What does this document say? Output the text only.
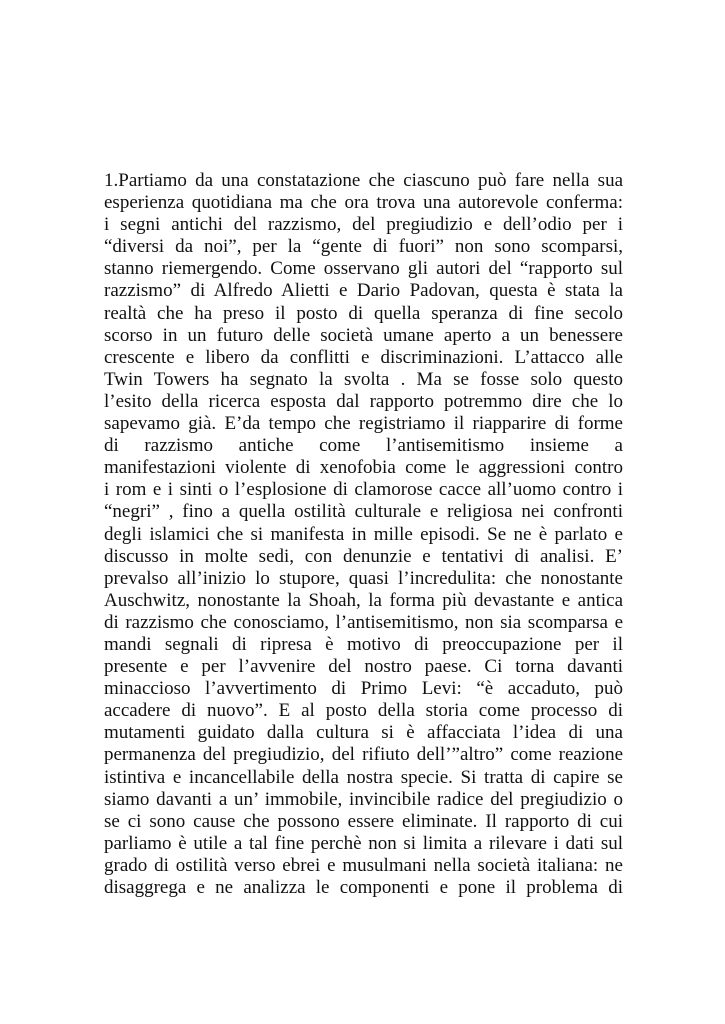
1.Partiamo da una constatazione che ciascuno può fare nella sua
esperienza quotidiana ma che ora trova una autorevole conferma:
i segni antichi del razzismo, del pregiudizio e dell’odio per i
“diversi da noi”, per la “gente di fuori” non sono scomparsi,
stanno riemergendo. Come osservano gli autori del “rapporto sul
razzismo” di Alfredo Alietti e Dario Padovan, questa è stata la
realtà che ha preso il posto di quella speranza di fine secolo
scorso in un futuro delle società umane aperto a un benessere
crescente e libero da conflitti e discriminazioni. L’attacco alle
Twin Towers ha segnato la svolta . Ma se fosse solo questo
l’esito della ricerca esposta dal rapporto potremmo dire che lo
sapevamo già. E’da tempo che registriamo il riapparire di forme
di razzismo antiche come l’antisemitismo insieme a
manifestazioni violente di xenofobia come le aggressioni contro
i rom e i sinti o l’esplosione di clamorose cacce all’uomo contro i
“negri” , fino a quella ostilità culturale e religiosa nei confronti
degli islamici che si manifesta in mille episodi. Se ne è parlato e
discusso in molte sedi, con denunzie e tentativi di analisi. E’
prevalso all’inizio lo stupore, quasi l’incredulita: che nonostante
Auschwitz, nonostante la Shoah, la forma più devastante e antica
di razzismo che conosciamo, l’antisemitismo, non sia scomparsa e
mandi segnali di ripresa è motivo di preoccupazione per il
presente e per l’avvenire del nostro paese. Ci torna davanti
minaccioso l’avvertimento di Primo Levi: “è accaduto, può
accadere di nuovo”. E al posto della storia come processo di
mutamenti guidato dalla cultura si è affacciata l’idea di una
permanenza del pregiudizio, del rifiuto dell’”altro” come reazione
istintiva e incancellabile della nostra specie. Si tratta di capire se
siamo davanti a un’ immobile, invincibile radice del pregiudizio o
se ci sono cause che possono essere eliminate. Il rapporto di cui
parliamo è utile a tal fine perchè non si limita a rilevare i dati sul
grado di ostilità verso ebrei e musulmani nella società italiana: ne
disaggrega e ne analizza le componenti e pone il problema di
